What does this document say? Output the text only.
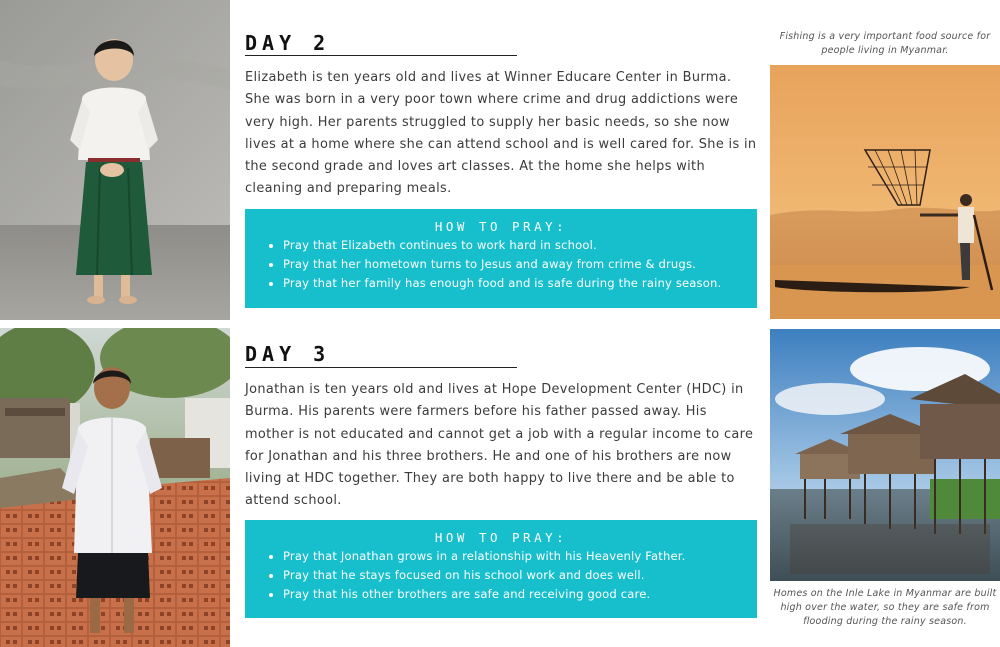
Fishing is a very important food source for people living in Myanmar.
Homes on the Inle Lake in Myanmar are built high over the water, so they are safe from flooding during the rainy season.
DAY 2

Elizabeth is ten years old and lives at Winner Educare Center in Burma. She was born in a very poor town where crime and drug addictions were very high. Her parents struggled to supply her basic needs, so she now lives at a home where she can attend school and is well cared for. She is in the second grade and loves art classes. At the home she helps with cleaning and preparing meals.

HOW TO PRAY:
• Pray that Elizabeth continues to work hard in school.
• Pray that her hometown turns to Jesus and away from crime & drugs.
• Pray that her family has enough food and is safe during the rainy season.
DAY 3

Jonathan is ten years old and lives at Hope Development Center (HDC) in Burma. His parents were farmers before his father passed away. His mother is not educated and cannot get a job with a regular income to care for Jonathan and his three brothers. He and one of his brothers are now living at HDC together. They are both happy to live there and be able to attend school.

HOW TO PRAY:
• Pray that Jonathan grows in a relationship with his Heavenly Father.
• Pray that he stays focused on his school work and does well.
• Pray that his other brothers are safe and receiving good care.
